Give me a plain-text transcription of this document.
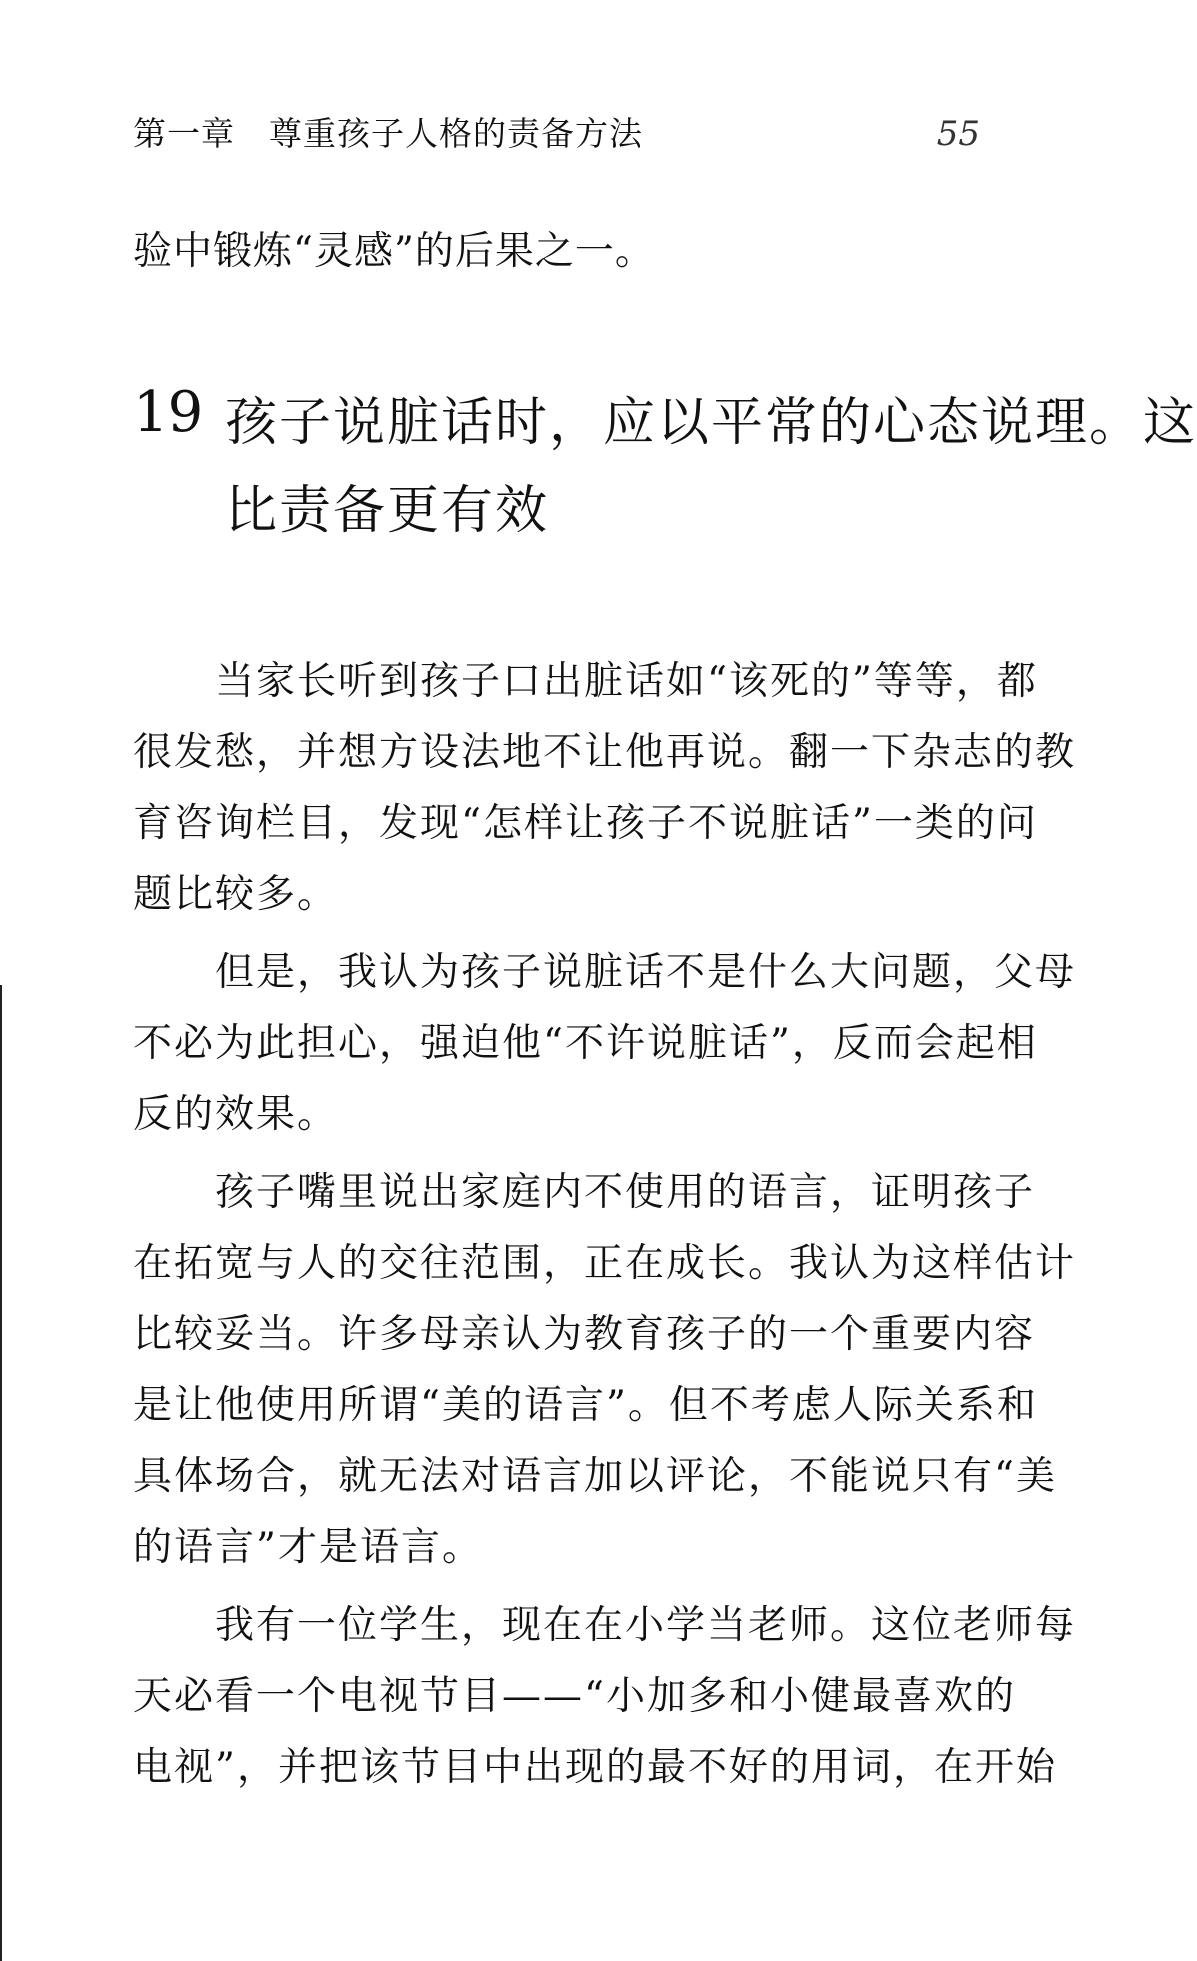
第一章　尊重孩子人格的责备方法	55
验中锻炼“灵感”的后果之一。
19 孩子说脏话时，应以平常的心态说理。这
比责备更有效
　　当家长听到孩子口出脏话如“该死的”等等，都
很发愁，并想方设法地不让他再说。翻一下杂志的教
育咨询栏目，发现“怎样让孩子不说脏话”一类的问
题比较多。
　　但是，我认为孩子说脏话不是什么大问题，父母
不必为此担心，强迫他“不许说脏话”，反而会起相
反的效果。
　　孩子嘴里说出家庭内不使用的语言，证明孩子
在拓宽与人的交往范围，正在成长。我认为这样估计
比较妥当。许多母亲认为教育孩子的一个重要内容
是让他使用所谓“美的语言”。但不考虑人际关系和
具体场合，就无法对语言加以评论，不能说只有“美
的语言”才是语言。
　　我有一位学生，现在在小学当老师。这位老师每
天必看一个电视节目——“小加多和小健最喜欢的
电视”，并把该节目中出现的最不好的用词，在开始
